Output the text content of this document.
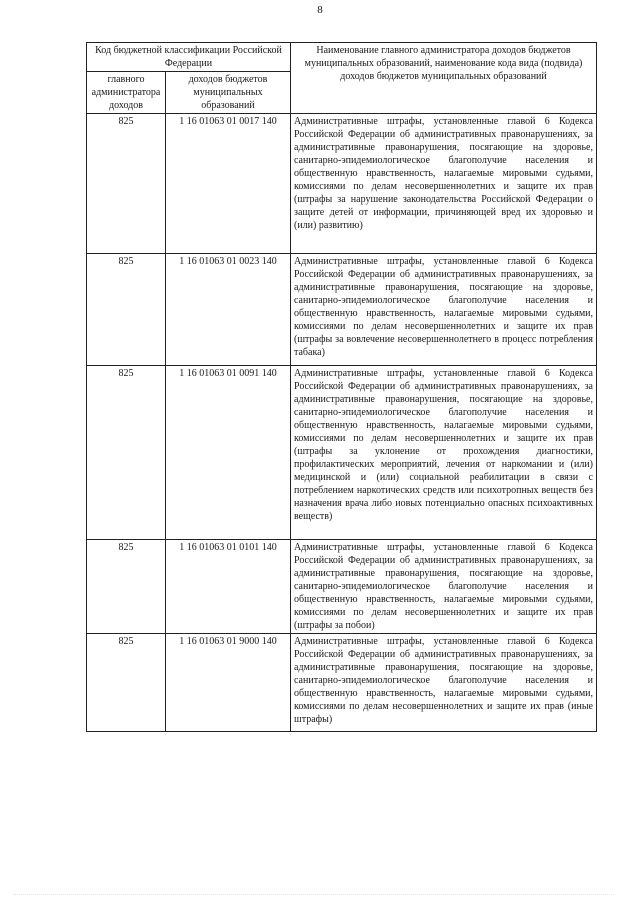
8
Код бюджетной классификации Российской Федерации		Наименование главного администратора доходов бюджетов муниципальных образований, наименование кода вида (подвида) доходов бюджетов муниципальных образований
главного администратора доходов	доходов бюджетов муниципальных образований	
825	1 16 01063 01 0017 140	Административные штрафы, установленные главой 6 Кодекса Российской Федерации об административных правонарушениях, за административные правонарушения, посягающие на здоровье, санитарно-эпидемиологическое благополучие населения и общественную нравственность, налагаемые мировыми судьями, комиссиями по делам несовершеннолетних и защите их прав (штрафы за нарушение законодательства Российской Федерации о защите детей от информации, причиняющей вред их здоровью и (или) развитию)
825	1 16 01063 01 0023 140	Административные штрафы, установленные главой 6 Кодекса Российской Федерации об административных правонарушениях, за административные правонарушения, посягающие на здоровье, санитарно-эпидемиологическое благополучие населения и общественную нравственность, налагаемые мировыми судьями, комиссиями по делам несовершеннолетних и защите их прав (штрафы за вовлечение несовершеннолетнего в процесс потребления табака)
825	1 16 01063 01 0091 140	Административные штрафы, установленные главой 6 Кодекса Российской Федерации об административных правонарушениях, за административные правонарушения, посягающие на здоровье, санитарно-эпидемиологическое благополучие населения и общественную нравственность, налагаемые мировыми судьями, комиссиями по делам несовершеннолетних и защите их прав (штрафы за уклонение от прохождения диагностики, профилактических мероприятий, лечения от наркомании и (или) медицинской и (или) социальной реабилитации в связи с потреблением наркотических средств или психотропных веществ без назначения врача либо иовых потенциально опасных психоактивных веществ)
825	1 16 01063 01 0101 140	Административные штрафы, установленные главой 6 Кодекса Российской Федерации об административных правонарушениях, за административные правонарушения, посягающие на здоровье, санитарно-эпидемиологическое благополучие населения и общественную нравственность, налагаемые мировыми судьями, комиссиями по делам несовершеннолетних и защите их прав (штрафы за побои)
825	1 16 01063 01 9000 140	Административные штрафы, установленные главой 6 Кодекса Российской Федерации об административных правонарушениях, за административные правонарушения, посягающие на здоровье, санитарно-эпидемиологическое благополучие населения и общественную нравственность, налагаемые мировыми судьями, комиссиями по делам несовершеннолетних и защите их прав (иные штрафы)
